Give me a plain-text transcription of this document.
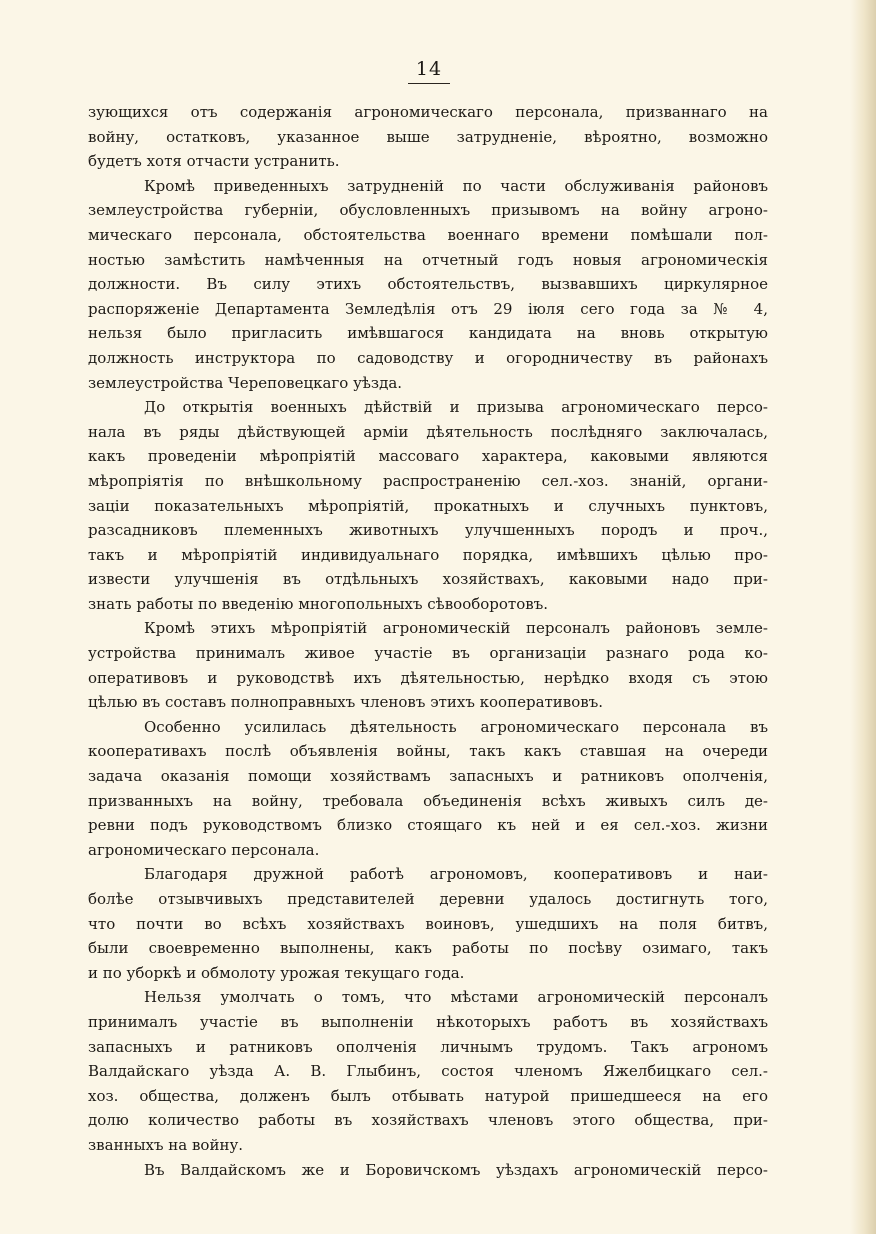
14
зующихся отъ содержанія агрономическаго персонала, призваннаго на
войну, остатковъ, указанное выше затрудненіе, вѣроятно, возможно
будетъ хотя отчасти устранить.
Кромѣ приведенныхъ затрудненій по части обслуживанія районовъ
землеустройства губерніи, обусловленныхъ призывомъ на войну агроно-
мическаго персонала, обстоятельства военнаго времени помѣшали пол-
ностью замѣстить намѣченныя на отчетный годъ новыя агрономическія
должности. Въ силу этихъ обстоятельствъ, вызвавшихъ циркулярное
распоряженіе Департамента Земледѣлія отъ 29 іюля сего года за № 4,
нельзя было пригласить имѣвшагося кандидата на вновь открытую
должность инструктора по садоводству и огородничеству въ районахъ
землеустройства Череповецкаго уѣзда.
До открытія военныхъ дѣйствій и призыва агрономическаго персо-
нала въ ряды дѣйствующей арміи дѣятельность послѣдняго заключалась,
какъ проведеніи мѣропріятій массоваго характера, каковыми являются
мѣропріятія по внѣшкольному распространенію сел.-хоз. знаній, органи-
заціи показательныхъ мѣропріятій, прокатныхъ и случныхъ пунктовъ,
разсадниковъ племенныхъ животныхъ улучшенныхъ породъ и проч.,
такъ и мѣропріятій индивидуальнаго порядка, имѣвшихъ цѣлью про-
извести улучшенія въ отдѣльныхъ хозяйствахъ, каковыми надо при-
знать работы по введенію многопольныхъ сѣвооборотовъ.
Кромѣ этихъ мѣропріятій агрономическій персоналъ районовъ земле-
устройства принималъ живое участіе въ организаціи разнаго рода ко-
оперативовъ и руководствѣ ихъ дѣятельностью, нерѣдко входя съ этою
цѣлью въ составъ полноправныхъ членовъ этихъ кооперативовъ.
Особенно усилилась дѣятельность агрономическаго персонала въ
кооперативахъ послѣ объявленія войны, такъ какъ ставшая на очереди
задача оказанія помощи хозяйствамъ запасныхъ и ратниковъ ополченія,
призванныхъ на войну, требовала объединенія всѣхъ живыхъ силъ де-
ревни подъ руководствомъ близко стоящаго къ ней и ея сел.-хоз. жизни
агрономическаго персонала.
Благодаря дружной работѣ агрономовъ, кооперативовъ и наи-
болѣе отзывчивыхъ представителей деревни удалось достигнуть того,
что почти во всѣхъ хозяйствахъ воиновъ, ушедшихъ на поля битвъ,
были своевременно выполнены, какъ работы по посѣву озимаго, такъ
и по уборкѣ и обмолоту урожая текущаго года.
Нельзя умолчать о томъ, что мѣстами агрономическій персоналъ
принималъ участіе въ выполненіи нѣкоторыхъ работъ въ хозяйствахъ
запасныхъ и ратниковъ ополченія личнымъ трудомъ. Такъ агрономъ
Валдайскаго уѣзда А. В. Глыбинъ, состоя членомъ Яжелбицкаго сел.-
хоз. общества, долженъ былъ отбывать натурой пришедшееся на его
долю количество работы въ хозяйствахъ членовъ этого общества, при-
званныхъ на войну.
Въ Валдайскомъ же и Боровичскомъ уѣздахъ агрономическій персо-
